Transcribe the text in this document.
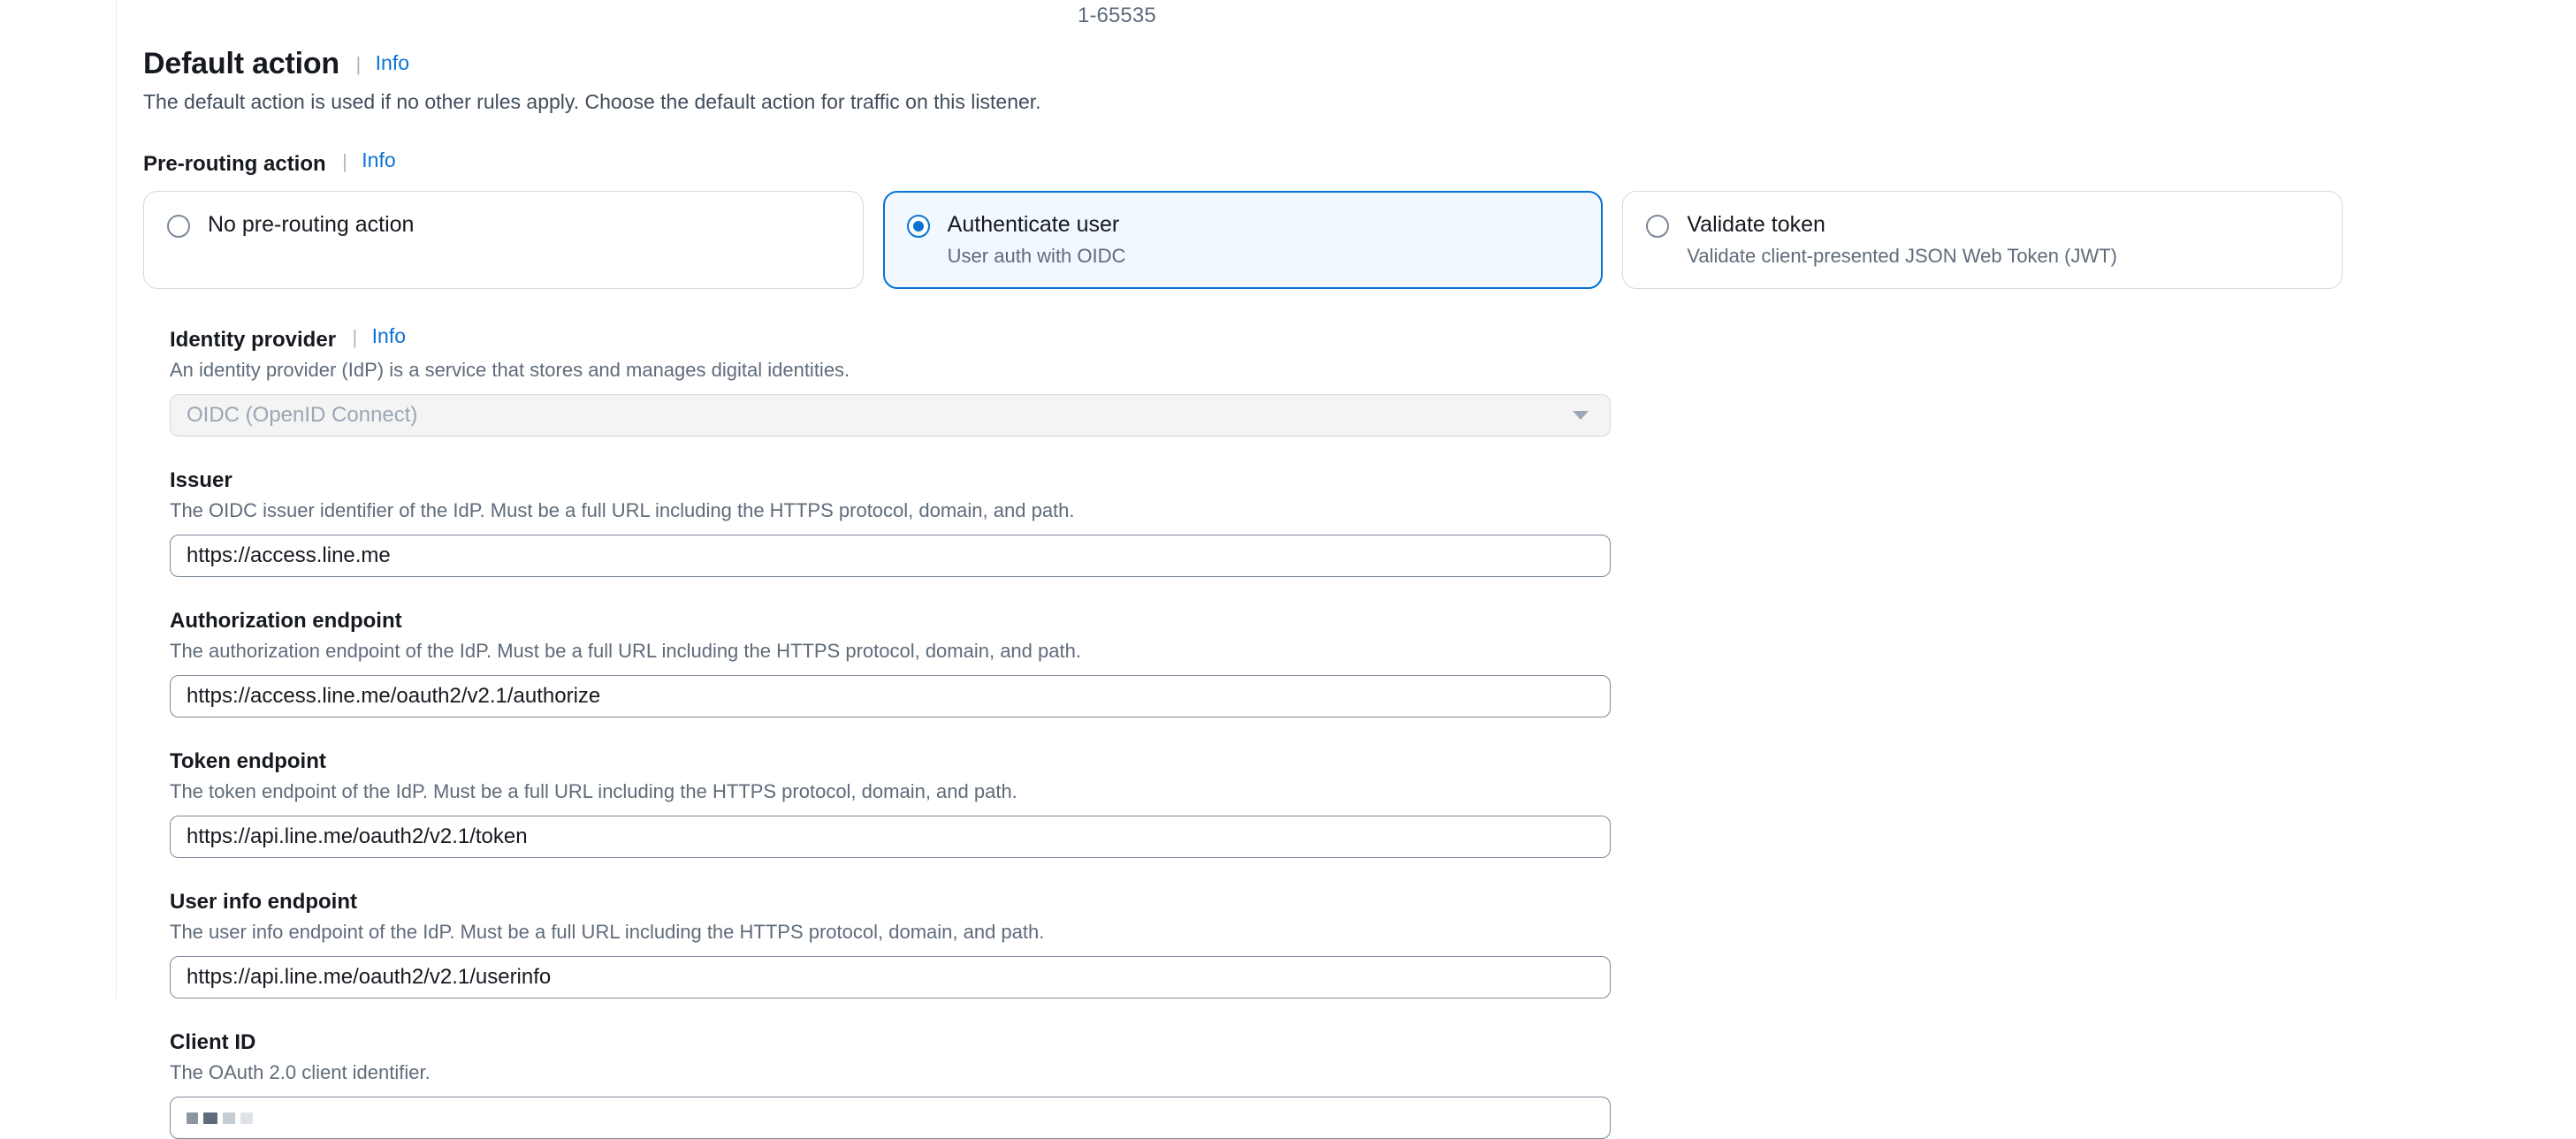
1-65535
Default action | Info
The default action is used if no other rules apply. Choose the default action for traffic on this listener.
Pre-routing action | Info
No pre-routing action	Authenticate user
User auth with OIDC
Validate token
Validate client-presented JSON Web Token (JWT)
Identity provider | Info
An identity provider (IdP) is a service that stores and manages digital identities.
OIDC (OpenID Connect)
Issuer
The OIDC issuer identifier of the IdP. Must be a full URL including the HTTPS protocol, domain, and path.
https://access.line.me
Authorization endpoint
The authorization endpoint of the IdP. Must be a full URL including the HTTPS protocol, domain, and path.
https://access.line.me/oauth2/v2.1/authorize
Token endpoint
The token endpoint of the IdP. Must be a full URL including the HTTPS protocol, domain, and path.
https://api.line.me/oauth2/v2.1/token
User info endpoint
The user info endpoint of the IdP. Must be a full URL including the HTTPS protocol, domain, and path.
https://api.line.me/oauth2/v2.1/userinfo
Client ID
The OAuth 2.0 client identifier.
